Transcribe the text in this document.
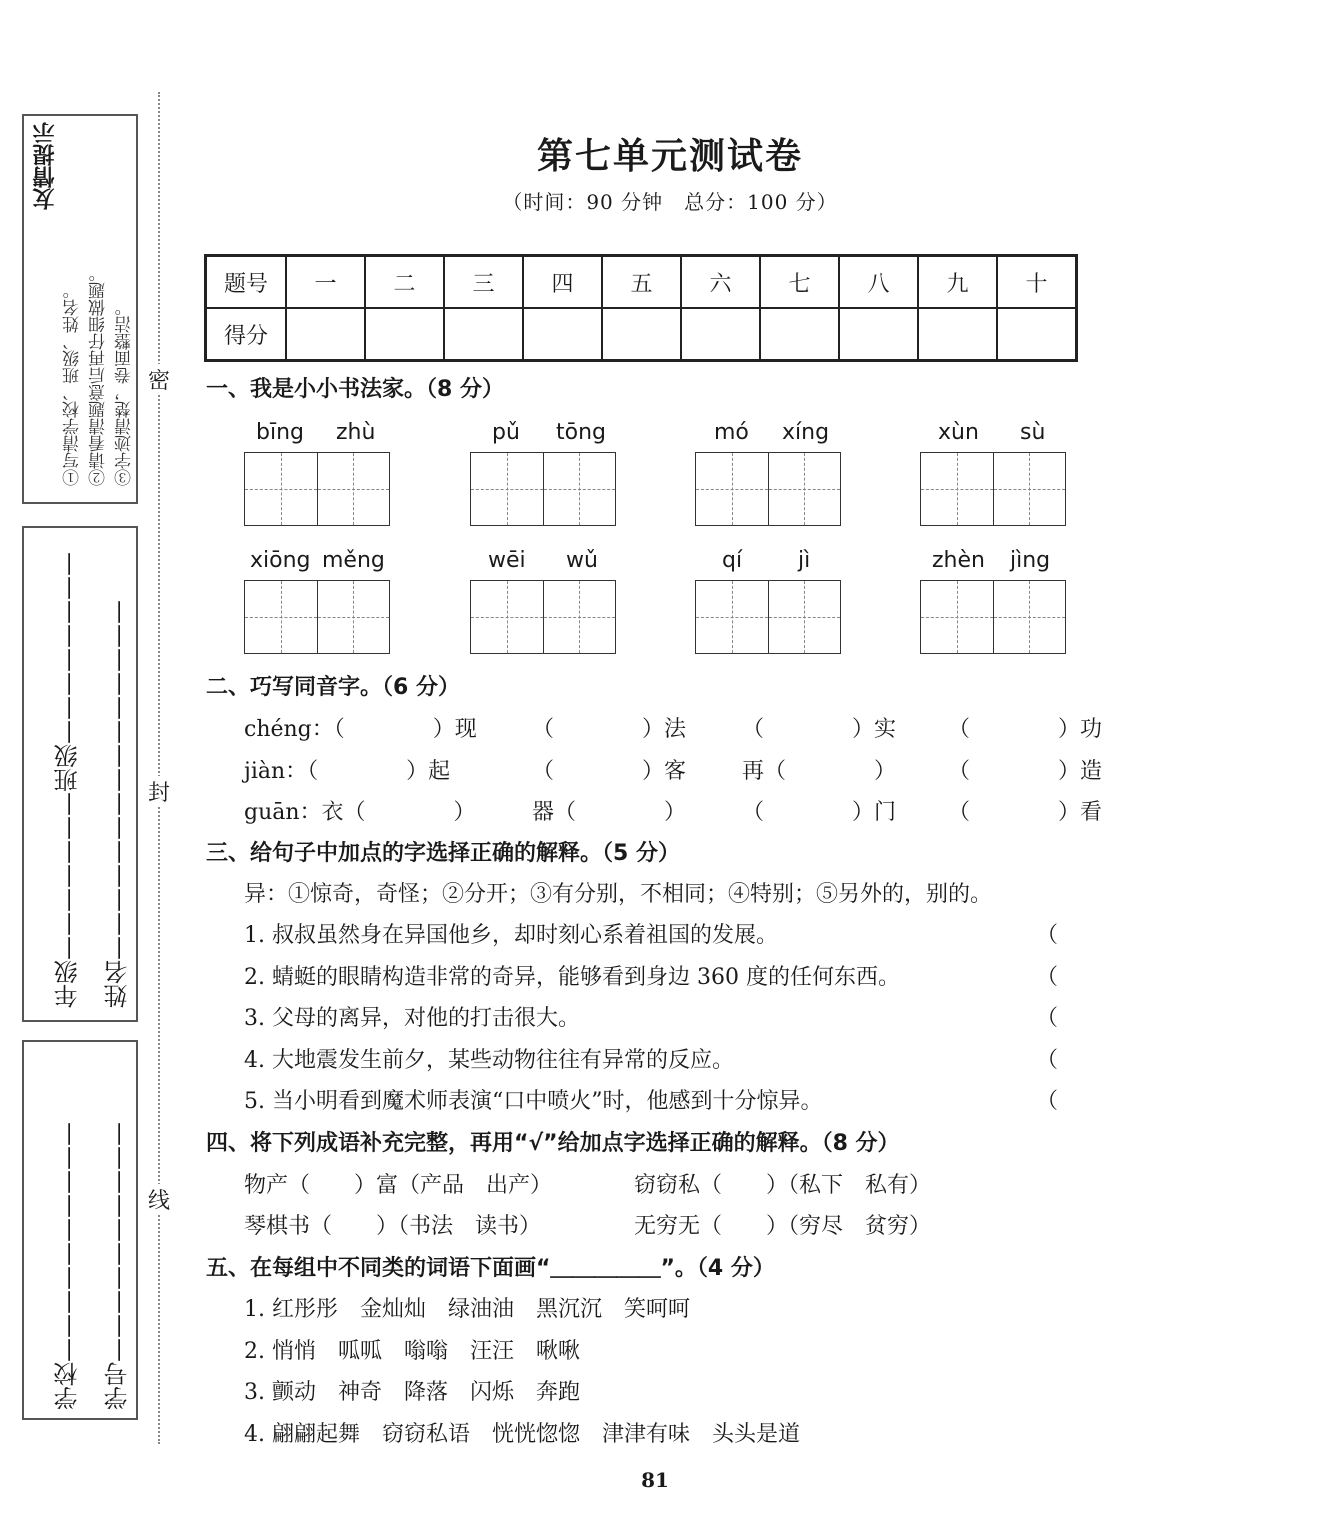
友情提示
①写清学校、班级、姓名。 ②请看清题意后再仔细做题。 ③字迹清楚，卷面整洁。
年级———————班级————————
姓名———————————————
学校——————————
学号——————————
密
封
线
第七单元测试卷
（时间：90 分钟　总分：100 分）
题号	一	二	三	四	五	六	七	八	九	十
得分										
一、我是小小书法家。（8 分）
bīng zhù	pǔ tōng	mó xíng	xùn sù
xiōng měng	wēi wǔ	qí	jì	zhèn jìng
二、巧写同音字。（6 分）
chéng：（　　　　）现	（　　　　）法	（　　　　）实 （　　　　）功
jiàn：（　　　　）起	（　　　　）客	再（　　　　） （　　　　）造
guān：衣（　　　　）	器（　　　　）	（　　　　）门 （　　　　）看
三、给句子中加点的字选择正确的解释。（5 分）
异：①惊奇，奇怪；②分开；③有分别，不相同；④特别；⑤另外的，别的。
1. 叔叔虽然身在异国他乡，却时刻心系着祖国的发展。	（
2. 蜻蜓的眼睛构造非常的奇异，能够看到身边 360 度的任何东西。	（
3. 父母的离异，对他的打击很大。	（
4. 大地震发生前夕，某些动物往往有异常的反应。	（
5. 当小明看到魔术师表演“口中喷火”时，他感到十分惊异。	（
四、将下列成语补充完整，再用“√”给加点字选择正确的解释。（8 分）
物产（　　）富（产品　出产）	窃窃私（　　）（私下　私有）
琴棋书（　　）（书法　读书）	无穷无（　　）（穷尽　贫穷）
五、在每组中不同类的词语下面画“＿＿＿＿＿”。（4 分）
1. 红彤彤　金灿灿　绿油油　黑沉沉　笑呵呵
2. 悄悄　呱呱　嗡嗡　汪汪　啾啾
3. 颤动　神奇　降落　闪烁　奔跑
4. 翩翩起舞　窃窃私语　恍恍惚惚　津津有味　头头是道
81
